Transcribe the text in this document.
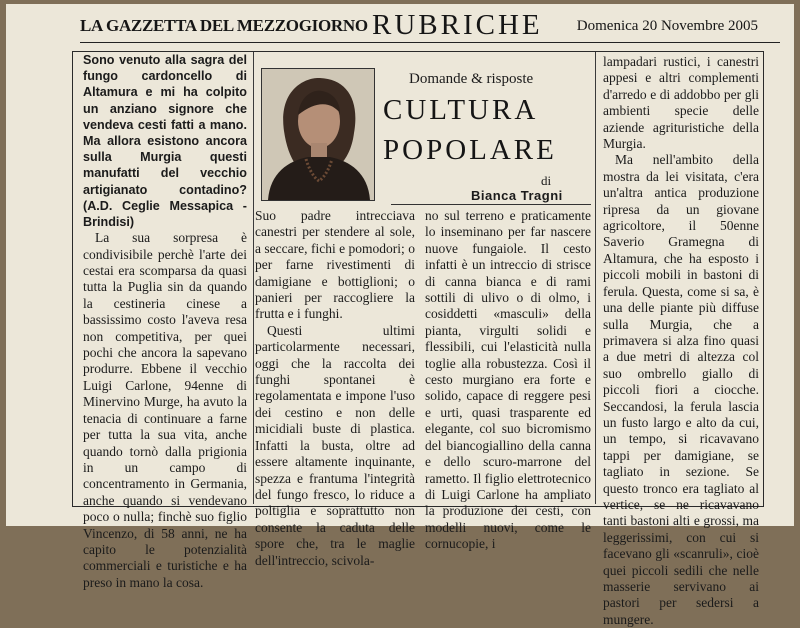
LA GAZZETTA DEL MEZZOGIORNO RUBRICHE Domenica 20 Novembre 2005

Sono venuto alla sagra del fungo cardoncello di Altamura e mi ha colpito un anziano signore che vendeva cesti fatti a mano. Ma allora esistono ancora sulla Murgia questi manufatti del vecchio artigianato contadino? (A.D. Ceglie Messapica - Brindisi)

La sua sorpresa è condivisibile perchè l'arte dei cestai era scomparsa da quasi tutta la Puglia sin da quando la cestineria cinese a bassissimo costo l'aveva resa non competitiva, per quei pochi che ancora la sapevano produrre. Ebbene il vecchio Luigi Carlone, 94enne di Minervino Murge, ha avuto la tenacia di continuare a farne per tutta la sua vita, anche quando tornò dalla prigionia in un campo di concentramento in Germania, anche quando si vendevano poco o nulla; finchè suo figlio Vincenzo, di 58 anni, ne ha capito le potenzialità commerciali e turistiche e ha preso in mano la cosa.

Domande & risposte
CULTURA
POPOLARE
di
Bianca Tragni

Suo padre intrecciava canestri per stendere al sole, a seccare, fichi e pomodori; o per farne rivestimenti di damigiane e bottiglioni; o panieri per raccogliere la frutta e i funghi.

Questi ultimi particolarmente necessari, oggi che la raccolta dei funghi spontanei è regolamentata e impone l'uso dei cestino e non delle micidiali buste di plastica. Infatti la busta, oltre ad essere altamente inquinante, spezza e frantuma l'integrità del fungo fresco, lo riduce a poltiglia e soprattutto non consente la caduta delle spore che, tra le maglie dell'intreccio, scivola-

no sul terreno e praticamente lo inseminano per far nascere nuove fungaiole. Il cesto infatti è un intreccio di strisce di canna bianca e di rami sottili di ulivo o di olmo, i cosiddetti «masculi» della pianta, virgulti solidi e flessibili, cui l'elasticità nulla toglie alla robustezza. Così il cesto murgiano era forte e solido, capace di reggere pesi e urti, quasi trasparente ed elegante, col suo bicromismo del biancogiallino della canna e dello scuro-marrone del rametto. Il figlio elettrotecnico di Luigi Carlone ha ampliato la produzione dei cesti, con modelli nuovi, come le cornucopie, i

lampadari rustici, i canestri appesi e altri complementi d'arredo e di addobbo per gli ambienti specie delle aziende agrituristiche della Murgia.

Ma nell'ambito della mostra da lei visitata, c'era un'altra antica produzione ripresa da un giovane agricoltore, il 50enne Saverio Gramegna di Altamura, che ha esposto i piccoli mobili in bastoni di ferula. Questa, come si sa, è una delle piante più diffuse sulla Murgia, che a primavera si alza fino quasi a due metri di altezza col suo ombrello giallo di piccoli fiori a ciocche. Seccandosi, la ferula lascia un fusto largo e alto da cui, un tempo, si ricavavano tappi per damigiane, se tagliato in sezione. Se questo tronco era tagliato al vertice, se ne ricavavano tanti bastoni alti e grossi, ma leggerissimi, con cui si facevano gli «scanruli», cioè quei piccoli sedili che nelle masserie servivano ai pastori per sedersi a mungere.
